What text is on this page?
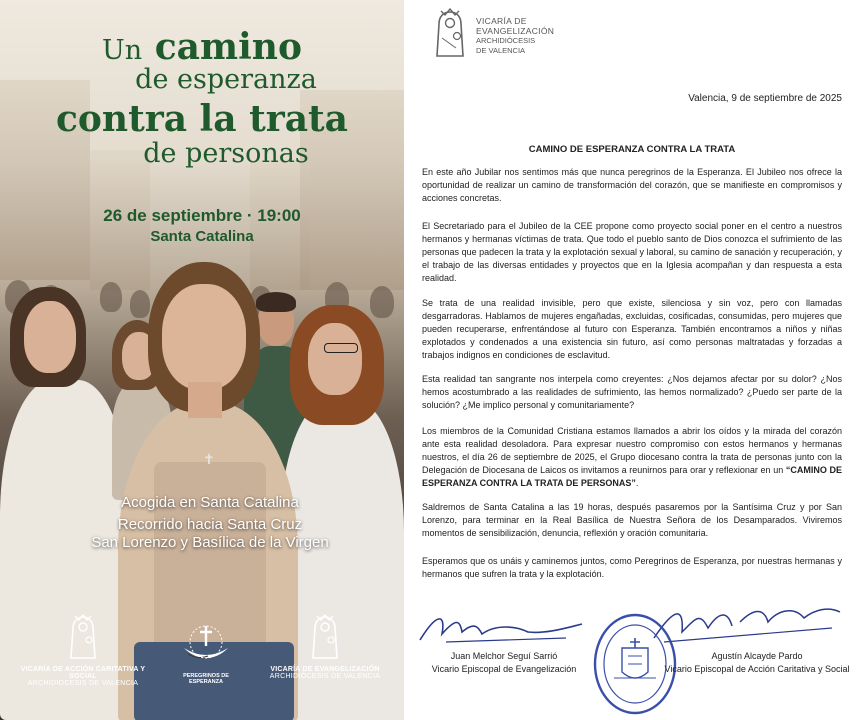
✝
Un camino
de esperanza
contra la trata
de personas
26 de septiembre · 19:00
Santa Catalina
Acogida en Santa Catalina
Recorrido hacia Santa Cruz
San Lorenzo y Basílica de la Virgen
VICARÍA DE ACCIÓN CARITATIVA Y SOCIAL
ARCHIDIÓCESIS DE VALENCIA
PEREGRINOS DE ESPERANZA
VICARÍA DE EVANGELIZACIÓN
ARCHIDIÓCESIS DE VALENCIA
VICARÍA DE
EVANGELIZACIÓN
ARCHIDIÓCESIS
DE VALENCIA
Valencia, 9 de septiembre de 2025
CAMINO DE ESPERANZA CONTRA LA TRATA

En este año Jubilar nos sentimos más que nunca peregrinos de la Esperanza. El Jubileo nos ofrece la oportunidad de realizar un camino de transformación del corazón, que se manifieste en compromisos y acciones concretas.

El Secretariado para el Jubileo de la CEE propone como proyecto social poner en el centro a nuestros hermanos y hermanas víctimas de trata. Que todo el pueblo santo de Dios conozca el sufrimiento de las personas que padecen la trata y la explotación sexual y laboral, su camino de sanación y recuperación, y el trabajo de las diversas entidades y proyectos que en la Iglesia acompañan y dan respuesta a esta realidad.

Se trata de una realidad invisible, pero que existe, silenciosa y sin voz, pero con llamadas desgarradoras. Hablamos de mujeres engañadas, excluidas, cosificadas, consumidas, pero mujeres que pueden recuperarse, enfrentándose al futuro con Esperanza. También encontramos a niños y niñas explotados y condenados a una existencia sin futuro, así como personas maltratadas y forzadas a trabajos indignos en condiciones de esclavitud.

Esta realidad tan sangrante nos interpela como creyentes: ¿Nos dejamos afectar por su dolor? ¿Nos hemos acostumbrado a las realidades de sufrimiento, las hemos normalizado? ¿Puedo ser parte de la solución? ¿Me implico personal y comunitariamente?

Los miembros de la Comunidad Cristiana estamos llamados a abrir los oídos y la mirada del corazón ante esta realidad desoladora. Para expresar nuestro compromiso con estos hermanos y hermanas nuestros, el día 26 de septiembre de 2025, el Grupo diocesano contra la trata de personas junto con la Delegación de Diocesana de Laicos os invitamos a reunirnos para orar y reflexionar en un “CAMINO DE ESPERANZA CONTRA LA TRATA DE PERSONAS”.

Saldremos de Santa Catalina a las 19 horas, después pasaremos por la Santísima Cruz y por San Lorenzo, para terminar en la Real Basílica de Nuestra Señora de los Desamparados. Viviremos momentos de sensibilización, denuncia, reflexión y oración comunitaria.

Esperamos que os unáis y caminemos juntos, como Peregrinos de Esperanza, por nuestras hermanas y hermanos que sufren la trata y la explotación.

Juan Melchor Seguí Sarrió
Vicario Episcopal de Evangelización
Agustín Alcayde Pardo
Vicario Episcopal de Acción Caritativa y Social
